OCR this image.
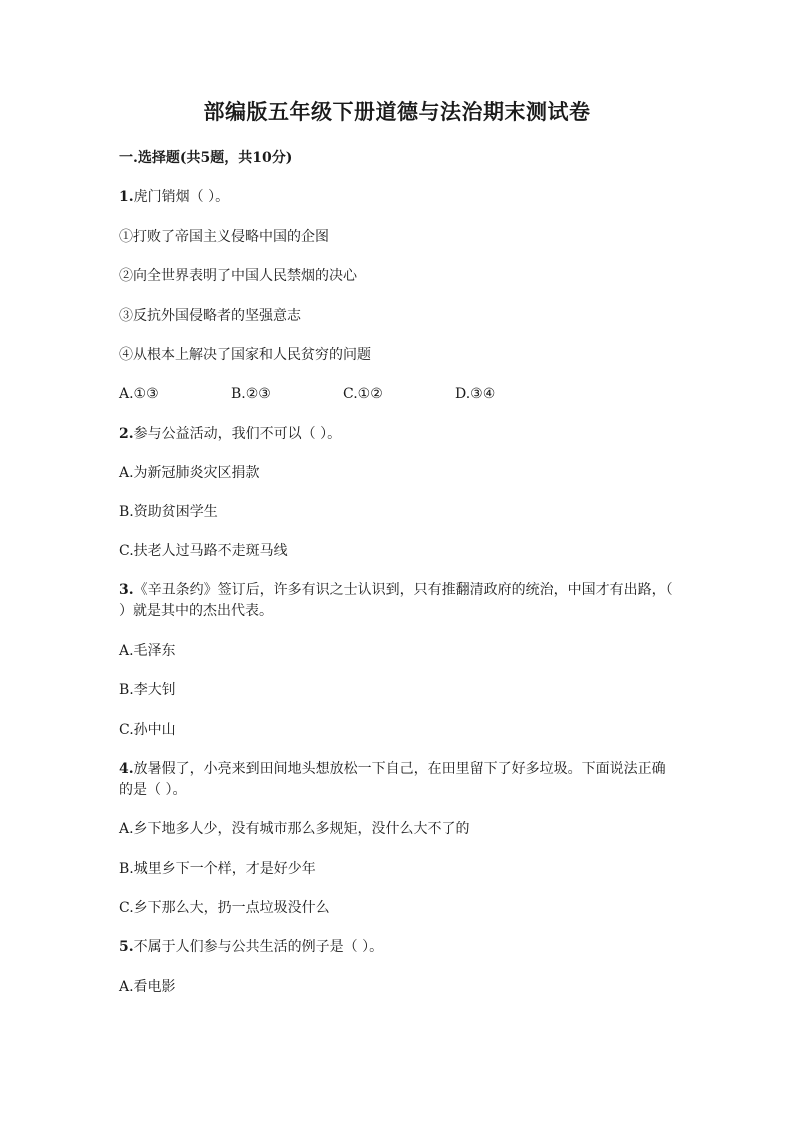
部编版五年级下册道德与法治期末测试卷
一.选择题(共5题，共10分)
1.虎门销烟（ ）。
①打败了帝国主义侵略中国的企图
②向全世界表明了中国人民禁烟的决心
③反抗外国侵略者的坚强意志
④从根本上解决了国家和人民贫穷的问题
A.①③	B.②③	C.①②	D.③④
2.参与公益活动，我们不可以（ ）。
A.为新冠肺炎灾区捐款
B.资助贫困学生
C.扶老人过马路不走斑马线
3.《辛丑条约》签订后，许多有识之士认识到，只有推翻清政府的统治，中国才有出路，（ ）就是其中的杰出代表。
A.毛泽东
B.李大钊
C.孙中山
4.放暑假了，小亮来到田间地头想放松一下自己，在田里留下了好多垃圾。下面说法正确的是（ ）。
A.乡下地多人少，没有城市那么多规矩，没什么大不了的
B.城里乡下一个样，才是好少年
C.乡下那么大，扔一点垃圾没什么
5.不属于人们参与公共生活的例子是（ ）。
A.看电影
